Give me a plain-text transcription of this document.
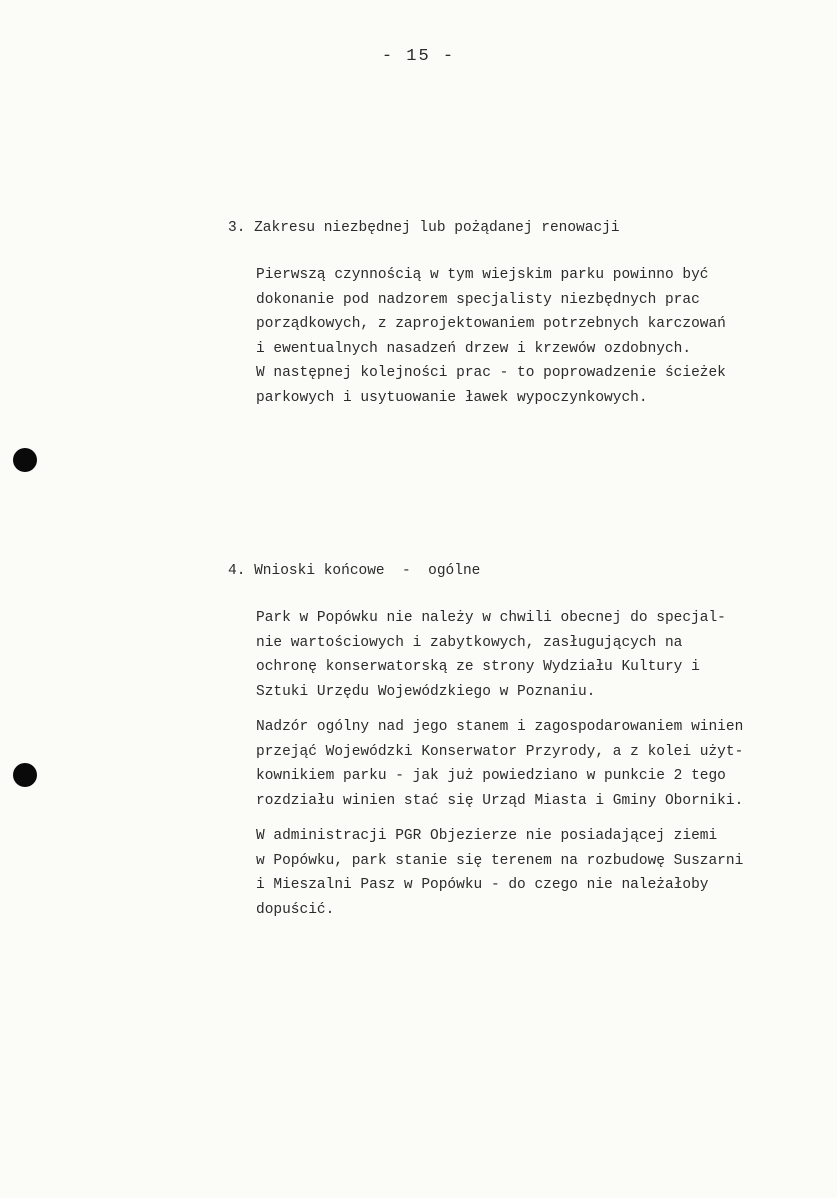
- 15 -
3. Zakresu niezbędnej lub pożądanej renowacji
Pierwszą czynnością w tym wiejskim parku powinno być
dokonanie pod nadzorem specjalisty niezbędnych prac
porządkowych, z zaprojektowaniem potrzebnych karczowań
i ewentualnych nasadzeń drzew i krzewów ozdobnych.
W następnej kolejności prac - to poprowadzenie ścieżek
parkowych i usytuowanie ławek wypoczynkowych.
4. Wnioski końcowe  -  ogólne
Park w Popówku nie należy w chwili obecnej do specjal-
nie wartościowych i zabytkowych, zasługujących na
ochronę konserwatorską ze strony Wydziału Kultury i
Sztuki Urzędu Wojewódzkiego w Poznaniu.
Nadzór ogólny nad jego stanem i zagospodarowaniem winien
przejąć Wojewódzki Konserwator Przyrody, a z kolei użyt-
kownikiem parku - jak już powiedziano w punkcie 2 tego
rozdziału winien stać się Urząd Miasta i Gminy Oborniki.
W administracji PGR Objezierze nie posiadającej ziemi
w Popówku, park stanie się terenem na rozbudowę Suszarni
i Mieszalni Pasz w Popówku - do czego nie należałoby
dopuścić.
